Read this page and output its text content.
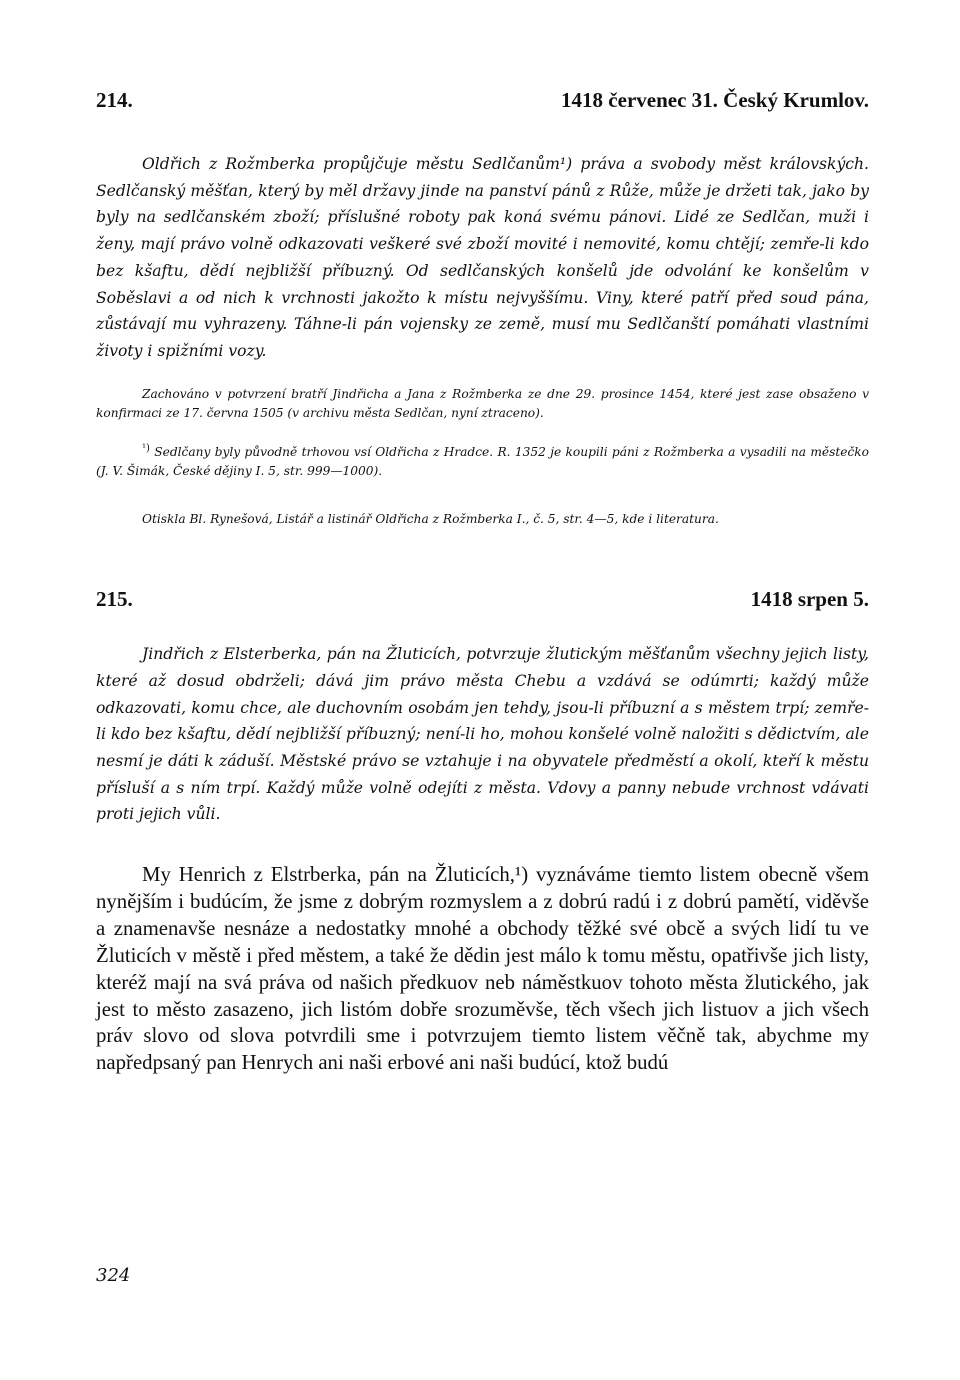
214.	1418 červenec 31. Český Krumlov.

Oldřich z Rožmberka propůjčuje městu Sedlčanům¹) práva a svobody měst královských. Sedlčanský měšťan, který by měl državy jinde na panství pánů z Růže, může je držeti tak, jako by byly na sedlčanském zboží; příslušné roboty pak koná svému pánovi. Lidé ze Sedlčan, muži i ženy, mají právo volně odkazovati veškeré své zboží movité i nemovité, komu chtějí; zemře-li kdo bez kšaftu, dědí nejbližší příbuzný. Od sedlčanských konšelů jde odvolání ke konšelům v Soběslavi a od nich k vrchnosti jakožto k místu nejvyššímu. Viny, které patří před soud pána, zůstávají mu vyhrazeny. Táhne-li pán vojensky ze země, musí mu Sedlčanští pomáhati vlastními životy i spižními vozy.

Zachováno v potvrzení bratří Jindřicha a Jana z Rožmberka ze dne 29. prosince 1454, které jest zase obsaženo v konfirmaci ze 17. června 1505 (v archivu města Sedlčan, nyní ztraceno).

$^{^1)}$ Sedlčany byly původně trhovou vsí Oldřicha z Hradce. R. 1352 je koupili páni z Rožmberka a vysadili na městečko (J. V. Šimák, České dějiny I. 5, str. 999—1000).

Otiskla Bl. Rynešová, Listář a listinář Oldřicha z Rožmberka I., č. 5, str. 4—5, kde i literatura.

215.	1418 srpen 5.

Jindřich z Elsterberka, pán na Žluticích, potvrzuje žlutickým měšťanům všechny jejich listy, které až dosud obdrželi; dává jim právo města Chebu a vzdává se odúmrti; každý může odkazovati, komu chce, ale duchovním osobám jen tehdy, jsou-li příbuzní a s městem trpí; zemře-li kdo bez kšaftu, dědí nejbližší příbuzný; není-li ho, mohou konšelé volně naložiti s dědictvím, ale nesmí je dáti k záduší. Městské právo se vztahuje i na obyvatele předměstí a okolí, kteří k městu přísluší a s ním trpí. Každý může volně odejíti z města. Vdovy a panny nebude vrchnost vdávati proti jejich vůli.

My Henrich z Elstrberka, pán na Žluticích,¹) vyznáváme tiemto listem obecně všem nynějším i budúcím, že jsme z dobrým rozmyslem a z dobrú radú i z dobrú pamětí, viděvše a znamenavše nesnáze a nedostatky mnohé a obchody těžké své obcě a svých lidí tu ve Žluticích v městě i před městem, a také že dědin jest málo k tomu městu, opatřivše jich listy, kteréž mají na svá práva od našich předkuov neb náměstkuov tohoto města žlutického, jak jest to město zasazeno, jich listóm dobře srozuměvše, těch všech jich listuov a jich všech práv slovo od slova potvrdili sme i potvrzujem tiemto listem věčně tak, abychme my napředpsaný pan Henrych ani naši erbové ani naši budúcí, ktož budú

324
